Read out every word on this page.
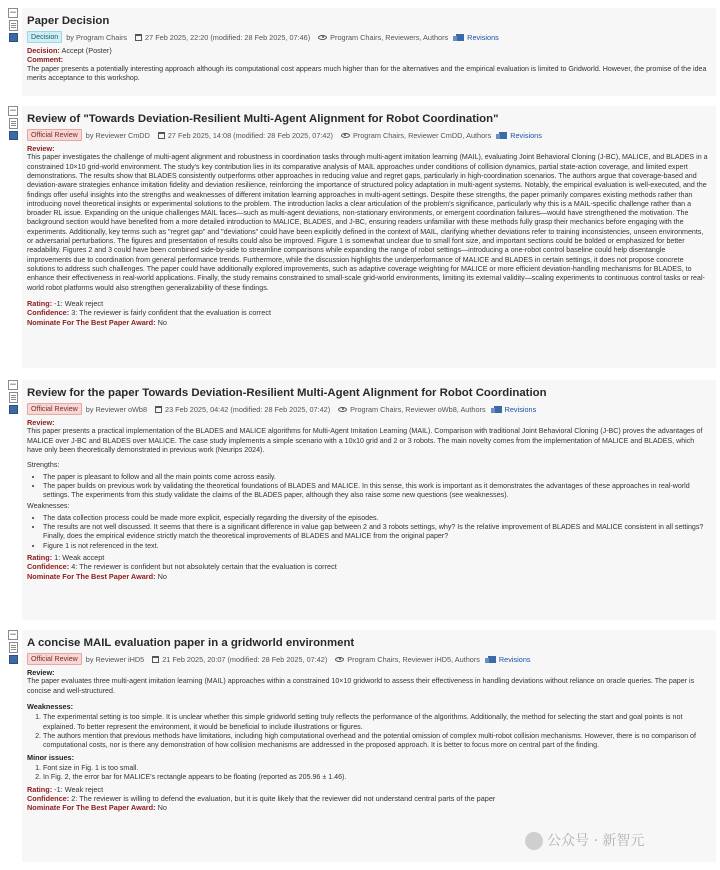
−
Paper Decision
Decision	by Program Chairs 27 Feb 2025, 22:20 (modified: 28 Feb 2025, 07:46)	Program Chairs, Reviewers, Authors	Revisions

Decision: Accept (Poster)

Comment:

The paper presents a potentially interesting approach although its computational cost appears much higher than for the alternatives and the empirical evaluation is limited to Gridworld. However, the promise of the idea merits acceptance to this workshop.

−
Review of "Towards Deviation-Resilient Multi-Agent Alignment for Robot Coordination"
Official Review	by Reviewer CmDD 27 Feb 2025, 14:08 (modified: 28 Feb 2025, 07:42)	Program Chairs, Reviewer CmDD, Authors	Revisions

Review:

This paper investigates the challenge of multi-agent alignment and robustness in coordination tasks through multi-agent imitation learning (MAIL), evaluating Joint Behavioral Cloning (J-BC), MALICE, and BLADES in a constrained 10×10 grid-world environment. The study's key contribution lies in its comparative analysis of MAIL approaches under conditions of collision dynamics, partial state-action coverage, and limited expert demonstrations. The results show that BLADES consistently outperforms other approaches in reducing value and regret gaps, particularly in high-coordination scenarios. The authors argue that coverage-based and deviation-aware strategies enhance imitation fidelity and deviation resilience, reinforcing the importance of structured policy adaptation in multi-agent systems. Notably, the empirical evaluation is well-executed, and the findings offer useful insights into the strengths and weaknesses of different imitation learning approaches in multi-agent settings. Despite these strengths, the paper primarily compares existing methods rather than introducing novel theoretical insights or experimental solutions to the problem. The introduction lacks a clear articulation of the problem's significance, particularly why this is a MAIL-specific challenge rather than a broader RL issue. Expanding on the unique challenges MAIL faces—such as multi-agent deviations, non-stationary environments, or emergent coordination failures—would have strengthened the motivation. The background section would have benefited from a more detailed introduction to MALICE, BLADES, and J-BC, ensuring readers unfamiliar with these methods fully grasp their mechanics before engaging with the experiments. Additionally, key terms such as "regret gap" and "deviations" could have been explicitly defined in the context of MAIL, clarifying whether deviations refer to training inconsistencies, unseen environments, or adversarial perturbations. The figures and presentation of results could also be improved. Figure 1 is somewhat unclear due to small font size, and important sections could be bolded or emphasized for better readability. Figures 2 and 3 could have been combined side-by-side to streamline comparisons while expanding the range of robot settings—introducing a one-robot control baseline could help disentangle improvements due to coordination from general performance trends. Furthermore, while the discussion highlights the underperformance of MALICE and BLADES in certain settings, it does not propose concrete solutions to address such challenges. The paper could have additionally explored improvements, such as adaptive coverage weighting for MALICE or more efficient deviation-handling mechanisms for BLADES, to enhance their effectiveness in real-world applications. Finally, the study remains constrained to small-scale grid-world environments, limiting its external validity—scaling experiments to continuous control tasks or real-world robot platforms would also strengthen generalizability of these findings.

Rating: -1: Weak reject

Confidence: 3: The reviewer is fairly confident that the evaluation is correct

Nominate For The Best Paper Award: No

−
Review for the paper Towards Deviation-Resilient Multi-Agent Alignment for Robot Coordination
Official Review	by Reviewer oWb8 23 Feb 2025, 04:42 (modified: 28 Feb 2025, 07:42)	Program Chairs, Reviewer oWb8, Authors	Revisions

Review:

This paper presents a practical implementation of the BLADES and MALICE algorithms for Multi-Agent Imitation Learning (MAIL). Comparison with traditional Joint Behavioral Cloning (J-BC) proves the advantages of MALICE over J-BC and BLADES over MALICE. The case study implements a simple scenario with a 10x10 grid and 2 or 3 robots. The main novelty comes from the implementation of MALICE and BLADES, which have only been theoretically demonstrated in previous work (Neurips 2024).

Strengths:

• The paper is pleasant to follow and all the main points come across easily.
• The paper builds on previous work by validating the theoretical foundations of BLADES and MALICE. In this sense, this work is important as it demonstrates the advantages of these approaches in real-world settings. The experiments from this study validate the claims of the BLADES paper, although they also raise some new questions (see weaknesses).

Weaknesses:

• The data collection process could be made more explicit, especially regarding the diversity of the episodes.
• The results are not well discussed. It seems that there is a significant difference in value gap between 2 and 3 robots settings, why? Is the relative improvement of BLADES and MALICE consistent in all settings? Finally, does the empirical evidence strictly match the theoretical improvements of BLADES and MALICE from the original paper?
• Figure 1 is not referenced in the text.

Rating: 1: Weak accept

Confidence: 4: The reviewer is confident but not absolutely certain that the evaluation is correct

Nominate For The Best Paper Award: No

−
A concise MAIL evaluation paper in a gridworld environment
Official Review	by Reviewer iHD5 21 Feb 2025, 20:07 (modified: 28 Feb 2025, 07:42)	Program Chairs, Reviewer iHD5, Authors	Revisions

Review:

The paper evaluates three multi-agent imitation learning (MAIL) approaches within a constrained 10×10 gridworld to assess their effectiveness in handling deviations without reliance on oracle queries. The paper is concise and well-structured.

Weaknesses:

1. The experimental setting is too simple. It is unclear whether this simple gridworld setting truly reflects the performance of the algorithms. Additionally, the method for selecting the start and goal points is not explained. To better represent the environment, it would be beneficial to include illustrations or figures.
2. The authors mention that previous methods have limitations, including high computational overhead and the potential omission of complex multi-robot collision mechanisms. However, there is no comparison of computational costs, nor is there any demonstration of how collision mechanisms are addressed in the proposed approach. It is better to focus more on central part of the finding.

Minor issues:

1. Font size in Fig. 1 is too small.
2. In Fig. 2, the error bar for MALICE's rectangle appears to be floating (reported as 205.96 ± 1.46).

Rating: -1: Weak reject

Confidence: 2: The reviewer is willing to defend the evaluation, but it is quite likely that the reviewer did not understand central parts of the paper

Nominate For The Best Paper Award: No

公众号 · 新智元
